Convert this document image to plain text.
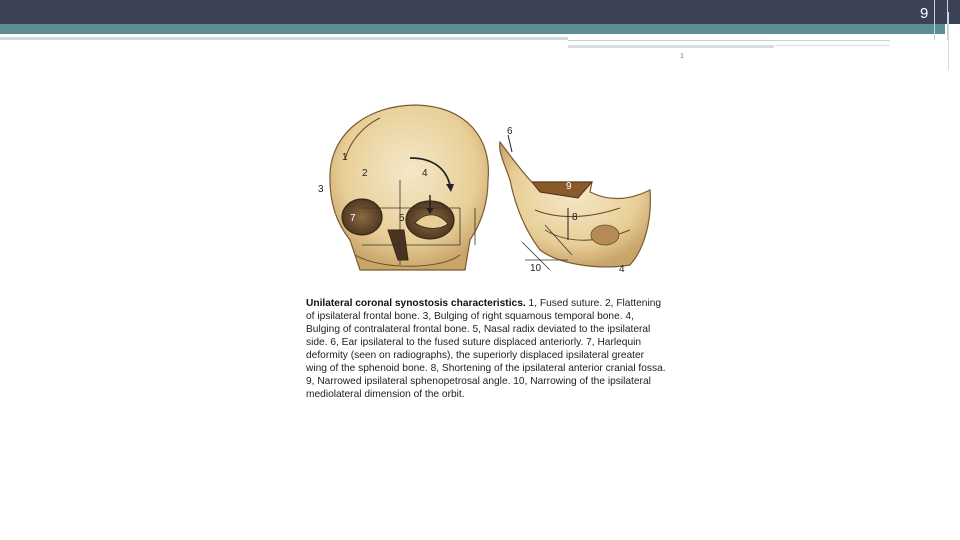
9
1
1
2
3
4
7	5
6
9
8
10	4
Unilateral coronal synostosis characteristics. 1, Fused suture. 2, Flattening of ipsilateral frontal bone. 3, Bulging of right squamous temporal bone. 4, Bulging of contralateral frontal bone. 5, Nasal radix deviated to the ipsilateral side. 6, Ear ipsilateral to the fused suture displaced anteriorly. 7, Harlequin deformity (seen on radiographs), the superiorly displaced ipsilateral greater wing of the sphenoid bone. 8, Shortening of the ipsilateral anterior cranial fossa. 9, Narrowed ipsilateral sphenopetrosal angle. 10, Narrowing of the ipsilateral mediolateral dimension of the orbit.
